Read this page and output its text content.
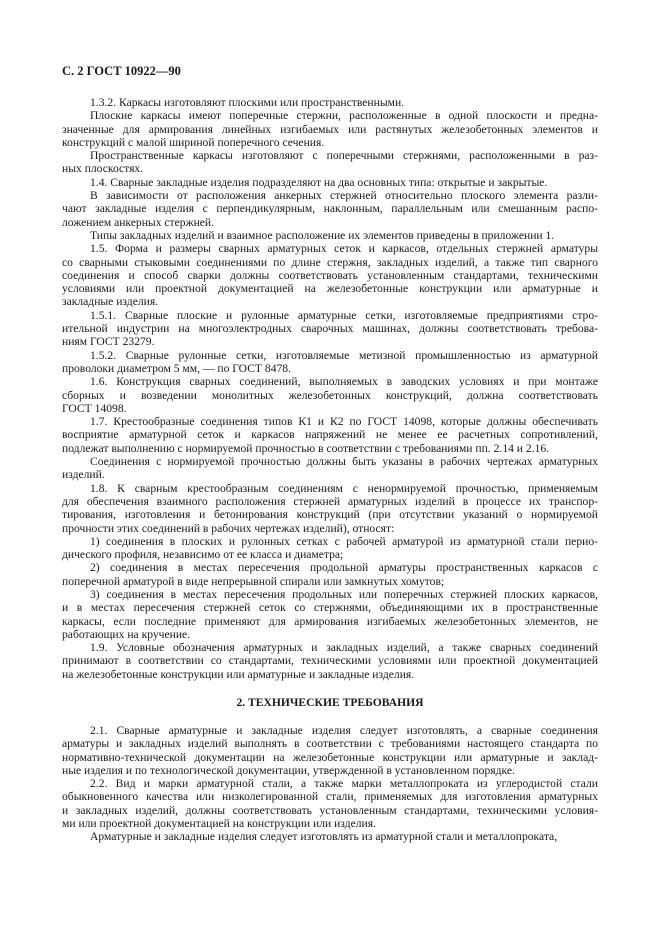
С. 2 ГОСТ 10922—90
1.3.2. Каркасы изготовляют плоскими или пространственными.
Плоские каркасы имеют поперечные стержни, расположенные в одной плоскости и предна-
значенные для армирования линейных изгибаемых или растянутых железобетонных элементов и
конструкций с малой шириной поперечного сечения.
Пространственные каркасы изготовляют с поперечными стержнями, расположенными в раз-
ных плоскостях.
1.4. Сварные закладные изделия подразделяют на два основных типа: открытые и закрытые.
В зависимости от расположения анкерных стержней относительно плоского элемента разли-
чают закладные изделия с перпендикулярным, наклонным, параллельным или смешанным распо-
ложением анкерных стержней.
Типы закладных изделий и взаимное расположение их элементов приведены в приложении 1.
1.5. Форма и размеры сварных арматурных сеток и каркасов, отдельных стержней арматуры
со сварными стыковыми соединениями по длине стержня, закладных изделий, а также тип сварного
соединения и способ сварки должны соответствовать установленным стандартами, техническими
условиями или проектной документацией на железобетонные конструкции или арматурные и
закладные изделия.
1.5.1. Сварные плоские и рулонные арматурные сетки, изготовляемые предприятиями стро-
ительной индустрии на многоэлектродных сварочных машинах, должны соответствовать требова-
ниям ГОСТ 23279.
1.5.2. Сварные рулонные сетки, изготовляемые метизной промышленностью из арматурной
проволоки диаметром 5 мм, — по ГОСТ 8478.
1.6. Конструкция сварных соединений, выполняемых в заводских условиях и при монтаже
сборных и возведении монолитных железобетонных конструкций, должна соответствовать
ГОСТ 14098.
1.7. Крестообразные соединения типов К1 и К2 по ГОСТ 14098, которые должны обеспечивать
восприятие арматурной сеток и каркасов напряжений не менее ее расчетных сопротивлений,
подлежат выполнению с нормируемой прочностью в соответствии с требованиями пп. 2.14 и 2.16.
Соединения с нормируемой прочностью должны быть указаны в рабочих чертежах арматурных
изделий.
1.8. К сварным крестообразным соединениям с ненормируемой прочностью, применяемым
для обеспечения взаимного расположения стержней арматурных изделий в процессе их транспор-
тирования, изготовления и бетонирования конструкций (при отсутствии указаний о нормируемой
прочности этих соединений в рабочих чертежах изделий), относят:
1) соединения в плоских и рулонных сетках с рабочей арматурой из арматурной стали перио-
дического профиля, независимо от ее класса и диаметра;
2) соединения в местах пересечения продольной арматуры пространственных каркасов с
поперечной арматурой в виде непрерывной спирали или замкнутых хомутов;
3) соединения в местах пересечения продольных или поперечных стержней плоских каркасов,
и в местах пересечения стержней сеток со стержнями, объединяющими их в пространственные
каркасы, если последние применяют для армирования изгибаемых железобетонных элементов, не
работающих на кручение.
1.9. Условные обозначения арматурных и закладных изделий, а также сварных соединений
принимают в соответствии со стандартами, техническими условиями или проектной документацией
на железобетонные конструкции или арматурные и закладные изделия.
2. ТЕХНИЧЕСКИЕ ТРЕБОВАНИЯ
2.1. Сварные арматурные и закладные изделия следует изготовлять, а сварные соединения
арматуры и закладных изделий выполнять в соответствии с требованиями настоящего стандарта по
нормативно-технической документации на железобетонные конструкции или арматурные и заклад-
ные изделия и по технологической документации, утвержденной в установленном порядке.
2.2. Вид и марки арматурной стали, а также марки металлопроката из углеродистой стали
обыкновенного качества или низколегированной стали, применяемых для изготовления арматурных
и закладных изделий, должны соответствовать установленным стандартами, техническими условия-
ми или проектной документацией на конструкции или изделия.
Арматурные и закладные изделия следует изготовлять из арматурной стали и металлопроката,
